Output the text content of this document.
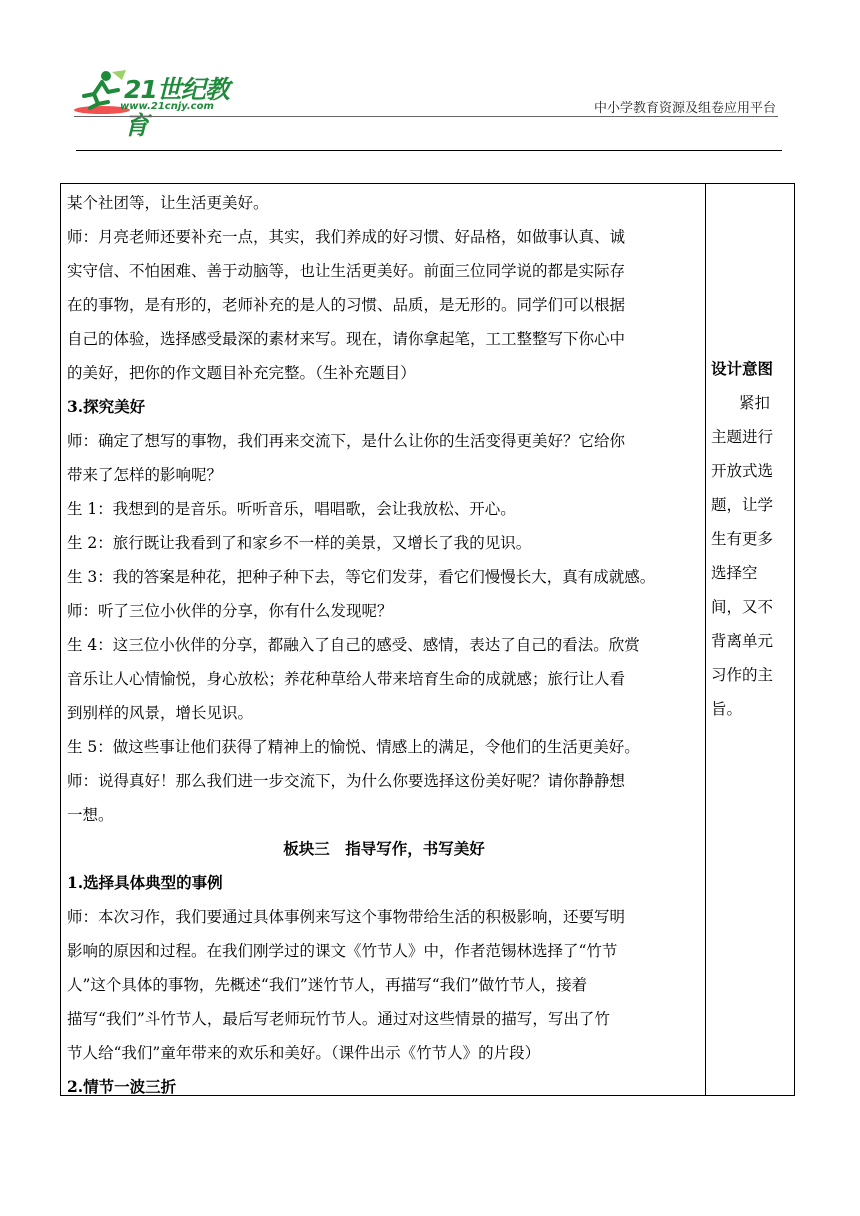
21世纪教育
www.21cnjy.com	中小学教育资源及组卷应用平台
某个社团等，让生活更美好。
师：月亮老师还要补充一点，其实，我们养成的好习惯、好品格，如做事认真、诚
实守信、不怕困难、善于动脑等，也让生活更美好。前面三位同学说的都是实际存
在的事物，是有形的，老师补充的是人的习惯、品质，是无形的。同学们可以根据
自己的体验，选择感受最深的素材来写。现在，请你拿起笔，工工整整写下你心中
的美好，把你的作文题目补充完整。（生补充题目）
3.探究美好
师：确定了想写的事物，我们再来交流下，是什么让你的生活变得更美好？它给你
带来了怎样的影响呢？
生 1：我想到的是音乐。听听音乐，唱唱歌，会让我放松、开心。
生 2：旅行既让我看到了和家乡不一样的美景，又增长了我的见识。
生 3：我的答案是种花，把种子种下去，等它们发芽，看它们慢慢长大，真有成就感。
师：听了三位小伙伴的分享，你有什么发现呢？
生 4：这三位小伙伴的分享，都融入了自己的感受、感情，表达了自己的看法。欣赏
音乐让人心情愉悦，身心放松；养花种草给人带来培育生命的成就感；旅行让人看
到别样的风景，增长见识。
生 5：做这些事让他们获得了精神上的愉悦、情感上的满足，令他们的生活更美好。
师：说得真好！那么我们进一步交流下，为什么你要选择这份美好呢？请你静静想
一想。
板块三　指导写作，书写美好
1.选择具体典型的事例
师：本次习作，我们要通过具体事例来写这个事物带给生活的积极影响，还要写明
影响的原因和过程。在我们刚学过的课文《竹节人》中，作者范锡林选择了“竹节
人”这个具体的事物，先概述“我们”迷竹节人，再描写“我们”做竹节人，接着
描写“我们”斗竹节人，最后写老师玩竹节人。通过对这些情景的描写，写出了竹
节人给“我们”童年带来的欢乐和美好。（课件出示《竹节人》的片段）
2.情节一波三折
设计意图
紧扣
主题进行
开放式选
题，让学
生有更多
选择空
间，又不
背离单元
习作的主
旨。
